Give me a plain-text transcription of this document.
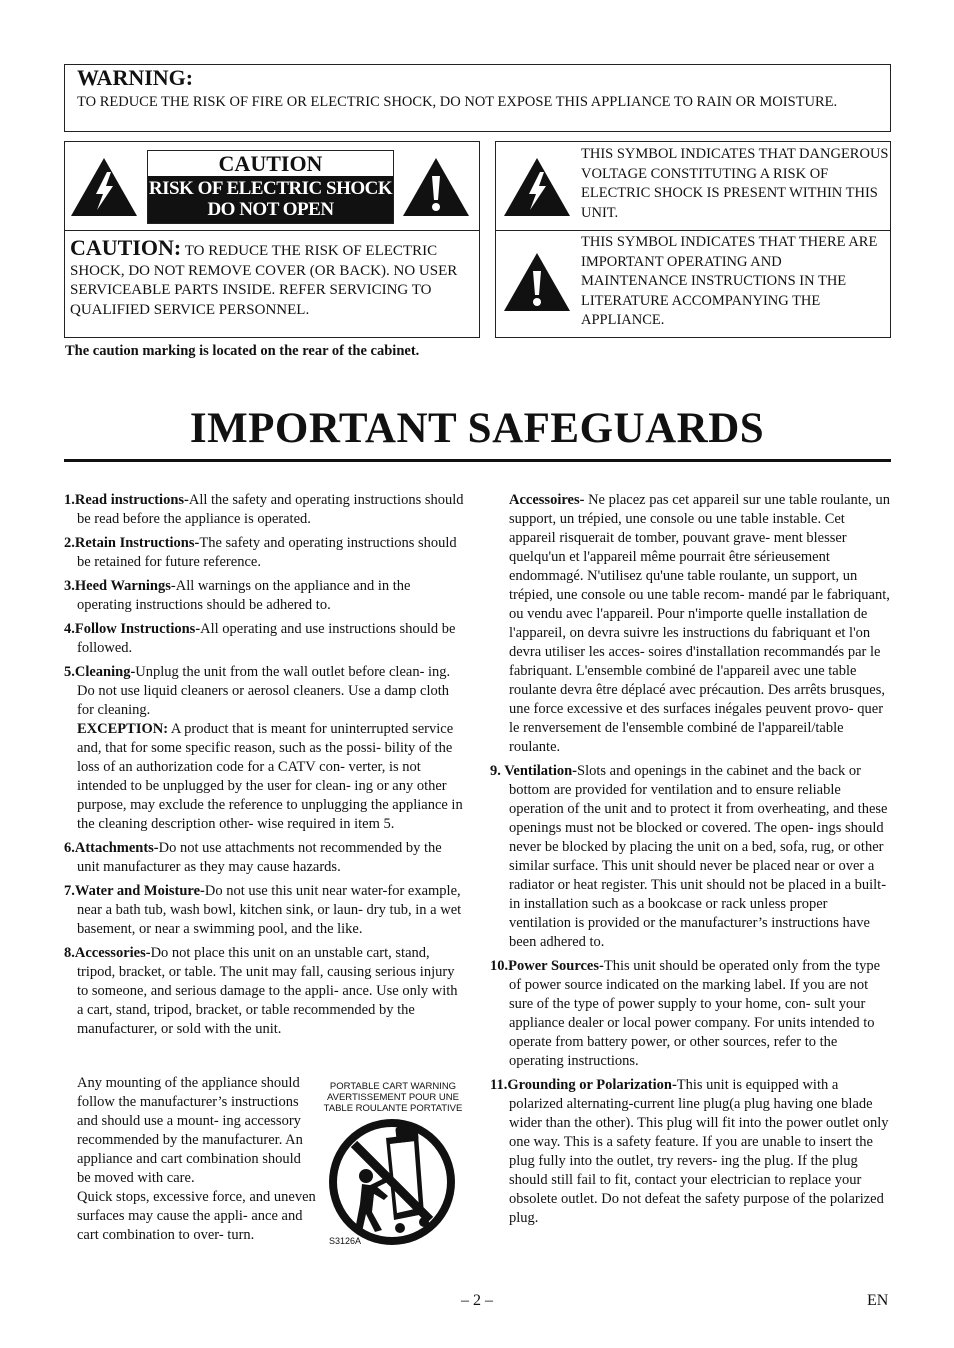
WARNING:
TO REDUCE THE RISK OF FIRE OR ELECTRIC SHOCK, DO NOT EXPOSE THIS APPLIANCE TO RAIN OR MOISTURE.
CAUTION
RISK OF ELECTRIC SHOCK
DO NOT OPEN
CAUTION: TO REDUCE THE RISK OF ELECTRIC SHOCK, DO NOT REMOVE COVER (OR BACK). NO USER SERVICEABLE PARTS INSIDE. REFER SERVICING TO QUALIFIED SERVICE PERSONNEL.
The caution marking is located on the rear of the cabinet.
THIS SYMBOL INDICATES THAT DANGEROUS VOLTAGE CONSTITUTING A RISK OF ELECTRIC SHOCK IS PRESENT WITHIN THIS UNIT.
THIS SYMBOL INDICATES THAT THERE ARE IMPORTANT OPERATING AND MAINTENANCE INSTRUCTIONS IN THE LITERATURE ACCOMPANYING THE APPLIANCE.
IMPORTANT SAFEGUARDS

1.Read instructions-All the safety and operating instructions should be read before the appliance is operated.

2.Retain Instructions-The safety and operating instructions should be retained for future reference.

3.Heed Warnings-All warnings on the appliance and in the operating instructions should be adhered to.

4.Follow Instructions-All operating and use instructions should be followed.

5.Cleaning-Unplug the unit from the wall outlet before clean- ing. Do not use liquid cleaners or aerosol cleaners. Use a damp cloth for cleaning.

EXCEPTION: A product that is meant for uninterrupted service and, that for some specific reason, such as the possi- bility of the loss of an authorization code for a CATV con- verter, is not intended to be unplugged by the user for clean- ing or any other purpose, may exclude the reference to unplugging the appliance in the cleaning description other- wise required in item 5.

6.Attachments-Do not use attachments not recommended by the unit manufacturer as they may cause hazards.

7.Water and Moisture-Do not use this unit near water-for example, near a bath tub, wash bowl, kitchen sink, or laun- dry tub, in a wet basement, or near a swimming pool, and the like.

8.Accessories-Do not place this unit on an unstable cart, stand, tripod, bracket, or table. The unit may fall, causing serious injury to someone, and serious damage to the appli- ance. Use only with a cart, stand, tripod, bracket, or table recommended by the manufacturer, or sold with the unit.

Any mounting of the appliance should follow the manufacturer’s instructions and should use a mount- ing accessory recommended by the manufacturer. An appliance and cart combination should be moved with care.
Quick stops, excessive force, and uneven surfaces may cause the appli- ance and cart combination to over- turn.
PORTABLE CART WARNING
AVERTISSEMENT POUR UNE
TABLE ROULANTE PORTATIVE
S3126A

Accessoires- Ne placez pas cet appareil sur une table roulante, un support, un trépied, une console ou une table instable. Cet appareil risquerait de tomber, pouvant grave- ment blesser quelqu'un et l'appareil même pourrait être sérieusement endommagé. N'utilisez qu'une table roulante, un support, un trépied, une console ou une table recom- mandé par le fabriquant, ou vendu avec l'appareil. Pour n'importe quelle installation de l'appareil, on devra suivre les instructions du fabriquant et l'on devra utiliser les acces- soires d'installation recommandés par le fabriquant. L'ensemble combiné de l'appareil avec une table roulante devra être déplacé avec précaution. Des arrêts brusques, une force excessive et des surfaces inégales peuvent provo- quer le renversement de l'ensemble combiné de l'appareil/table roulante.

9. Ventilation-Slots and openings in the cabinet and the back or bottom are provided for ventilation and to ensure reliable operation of the unit and to protect it from overheating, and these openings must not be blocked or covered. The open- ings should never be blocked by placing the unit on a bed, sofa, rug, or other similar surface. This unit should never be placed near or over a radiator or heat register. This unit should not be placed in a built-in installation such as a bookcase or rack unless proper ventilation is provided or the manufacturer’s instructions have been adhered to.

10.Power Sources-This unit should be operated only from the type of power source indicated on the marking label. If you are not sure of the type of power supply to your home, con- sult your appliance dealer or local power company. For units intended to operate from battery power, or other sources, refer to the operating instructions.

11.Grounding or Polarization-This unit is equipped with a polarized alternating-current line plug(a plug having one blade wider than the other). This plug will fit into the power outlet only one way. This is a safety feature. If you are unable to insert the plug fully into the outlet, try revers- ing the plug. If the plug should still fail to fit, contact your electrician to replace your obsolete outlet. Do not defeat the safety purpose of the polarized plug.

– 2 –	EN
